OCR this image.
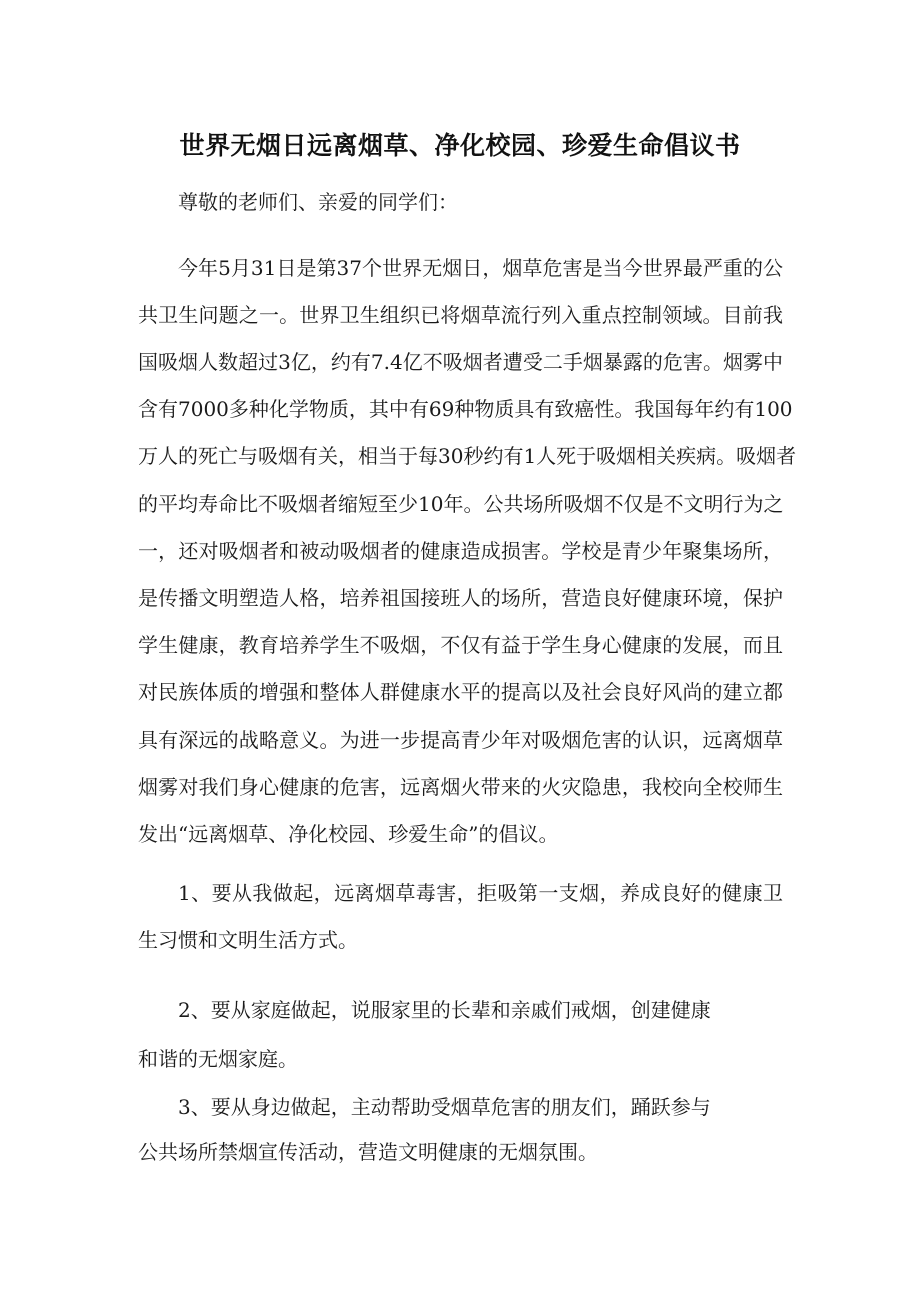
世界无烟日远离烟草、净化校园、珍爱生命倡议书

尊敬的老师们、亲爱的同学们：

今年5月31日是第37个世界无烟日，烟草危害是当今世界最严重的公

共卫生问题之一。世界卫生组织已将烟草流行列入重点控制领域。目前我

国吸烟人数超过3亿，约有7.4亿不吸烟者遭受二手烟暴露的危害。烟雾中

含有7000多种化学物质，其中有69种物质具有致癌性。我国每年约有100

万人的死亡与吸烟有关，相当于每30秒约有1人死于吸烟相关疾病。吸烟者

的平均寿命比不吸烟者缩短至少10年。公共场所吸烟不仅是不文明行为之

一，还对吸烟者和被动吸烟者的健康造成损害。学校是青少年聚集场所，

是传播文明塑造人格，培养祖国接班人的场所，营造良好健康环境，保护

学生健康，教育培养学生不吸烟，不仅有益于学生身心健康的发展，而且

对民族体质的增强和整体人群健康水平的提高以及社会良好风尚的建立都

具有深远的战略意义。为进一步提高青少年对吸烟危害的认识，远离烟草

烟雾对我们身心健康的危害，远离烟火带来的火灾隐患，我校向全校师生

发出“远离烟草、净化校园、珍爱生命”的倡议。

1、要从我做起，远离烟草毒害，拒吸第一支烟，养成良好的健康卫

生习惯和文明生活方式。

2、要从家庭做起，说服家里的长辈和亲戚们戒烟，创建健康

和谐的无烟家庭。

3、要从身边做起，主动帮助受烟草危害的朋友们，踊跃参与

公共场所禁烟宣传活动，营造文明健康的无烟氛围。
